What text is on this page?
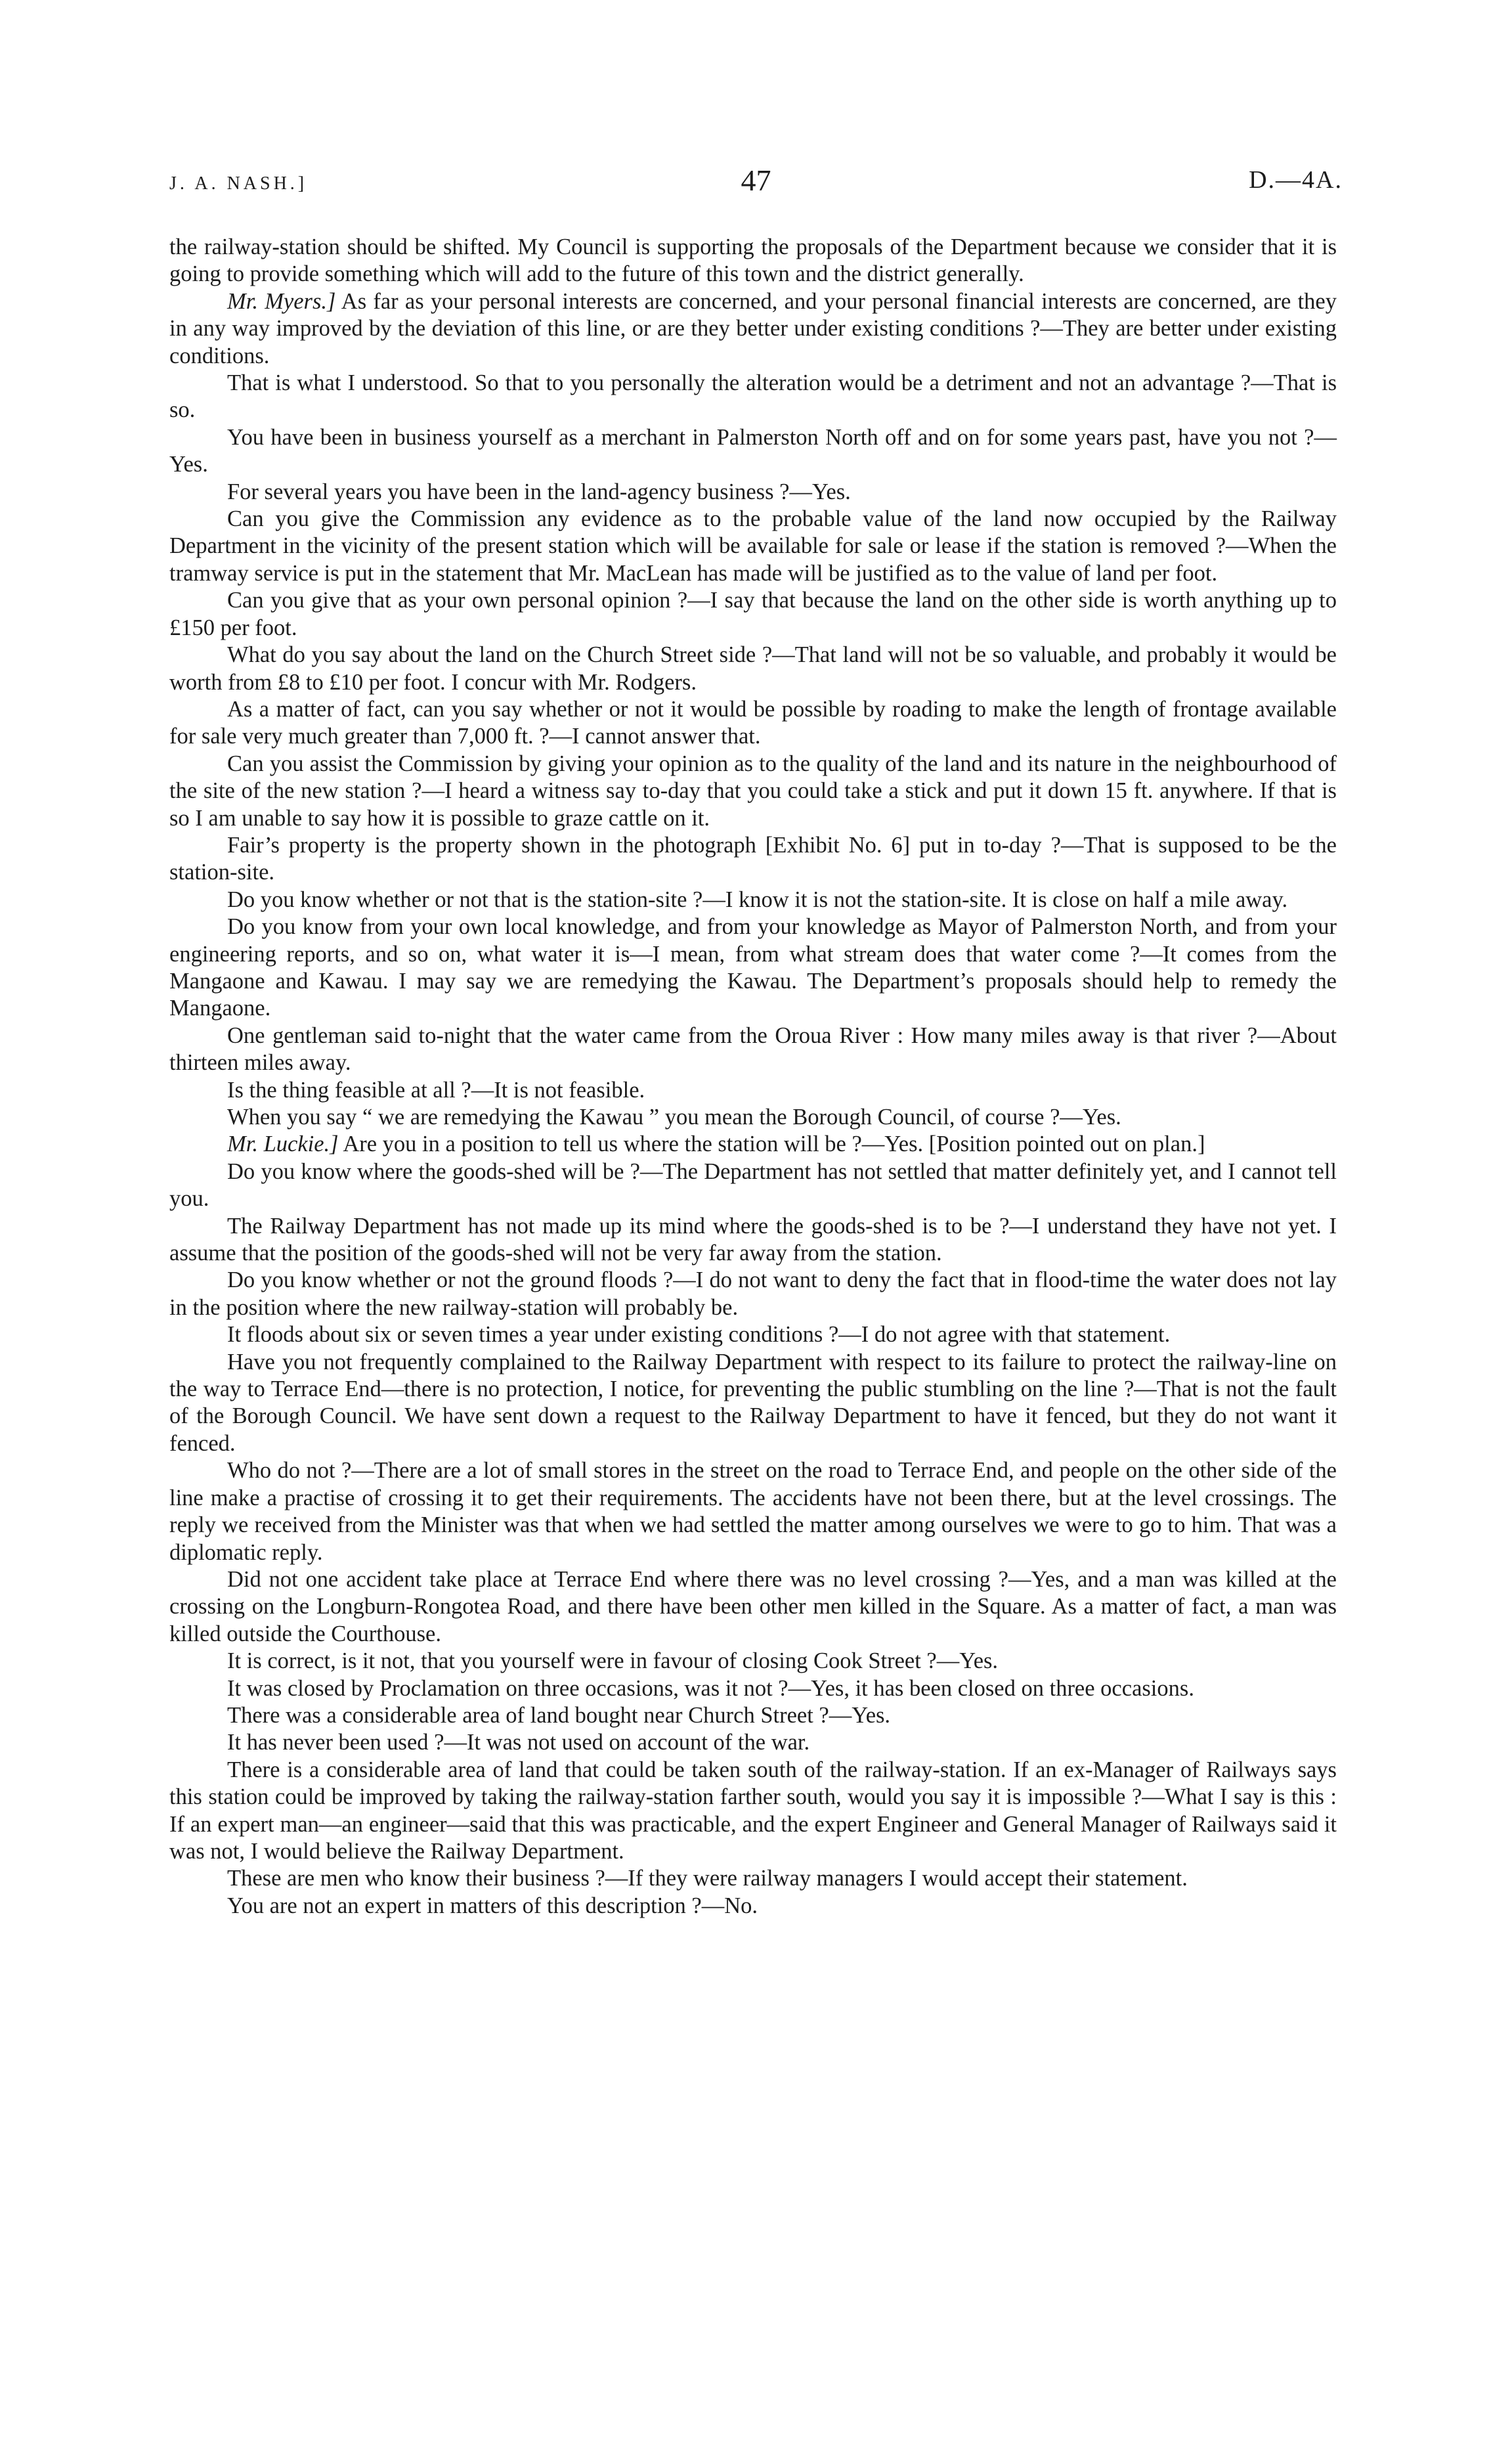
J. A. NASH.]	47	D.—4A.

the railway-station should be shifted. My Council is supporting the proposals of the Department because we consider that it is going to provide something which will add to the future of this town and the district generally.

Mr. Myers.] As far as your personal interests are concerned, and your personal financial interests are concerned, are they in any way improved by the deviation of this line, or are they better under existing conditions ?—They are better under existing conditions.

That is what I understood. So that to you personally the alteration would be a detriment and not an advantage ?—That is so.

You have been in business yourself as a merchant in Palmerston North off and on for some years past, have you not ?—Yes.

For several years you have been in the land-agency business ?—Yes.

Can you give the Commission any evidence as to the probable value of the land now occupied by the Railway Department in the vicinity of the present station which will be available for sale or lease if the station is removed ?—When the tramway service is put in the statement that Mr. MacLean has made will be justified as to the value of land per foot.

Can you give that as your own personal opinion ?—I say that because the land on the other side is worth anything up to £150 per foot.

What do you say about the land on the Church Street side ?—That land will not be so valuable, and probably it would be worth from £8 to £10 per foot. I concur with Mr. Rodgers.

As a matter of fact, can you say whether or not it would be possible by roading to make the length of frontage available for sale very much greater than 7,000 ft. ?—I cannot answer that.

Can you assist the Commission by giving your opinion as to the quality of the land and its nature in the neighbourhood of the site of the new station ?—I heard a witness say to-day that you could take a stick and put it down 15 ft. anywhere. If that is so I am unable to say how it is possible to graze cattle on it.

Fair’s property is the property shown in the photograph [Exhibit No. 6] put in to-day ?—That is supposed to be the station-site.

Do you know whether or not that is the station-site ?—I know it is not the station-site. It is close on half a mile away.

Do you know from your own local knowledge, and from your knowledge as Mayor of Palmerston North, and from your engineering reports, and so on, what water it is—I mean, from what stream does that water come ?—It comes from the Mangaone and Kawau. I may say we are remedying the Kawau. The Department’s proposals should help to remedy the Mangaone.

One gentleman said to-night that the water came from the Oroua River : How many miles away is that river ?—About thirteen miles away.

Is the thing feasible at all ?—It is not feasible.

When you say “ we are remedying the Kawau ” you mean the Borough Council, of course ?—Yes.

Mr. Luckie.] Are you in a position to tell us where the station will be ?—Yes. [Position pointed out on plan.]

Do you know where the goods-shed will be ?—The Department has not settled that matter definitely yet, and I cannot tell you.

The Railway Department has not made up its mind where the goods-shed is to be ?—I understand they have not yet. I assume that the position of the goods-shed will not be very far away from the station.

Do you know whether or not the ground floods ?—I do not want to deny the fact that in flood-time the water does not lay in the position where the new railway-station will probably be.

It floods about six or seven times a year under existing conditions ?—I do not agree with that statement.

Have you not frequently complained to the Railway Department with respect to its failure to protect the railway-line on the way to Terrace End—there is no protection, I notice, for preventing the public stumbling on the line ?—That is not the fault of the Borough Council. We have sent down a request to the Railway Department to have it fenced, but they do not want it fenced.

Who do not ?—There are a lot of small stores in the street on the road to Terrace End, and people on the other side of the line make a practise of crossing it to get their requirements. The accidents have not been there, but at the level crossings. The reply we received from the Minister was that when we had settled the matter among ourselves we were to go to him. That was a diplomatic reply.

Did not one accident take place at Terrace End where there was no level crossing ?—Yes, and a man was killed at the crossing on the Longburn-Rongotea Road, and there have been other men killed in the Square. As a matter of fact, a man was killed outside the Courthouse.

It is correct, is it not, that you yourself were in favour of closing Cook Street ?—Yes.

It was closed by Proclamation on three occasions, was it not ?—Yes, it has been closed on three occasions.

There was a considerable area of land bought near Church Street ?—Yes.

It has never been used ?—It was not used on account of the war.

There is a considerable area of land that could be taken south of the railway-station. If an ex-Manager of Railways says this station could be improved by taking the railway-station farther south, would you say it is impossible ?—What I say is this : If an expert man—an engineer—said that this was practicable, and the expert Engineer and General Manager of Railways said it was not, I would believe the Railway Department.

These are men who know their business ?—If they were railway managers I would accept their statement.

You are not an expert in matters of this description ?—No.
